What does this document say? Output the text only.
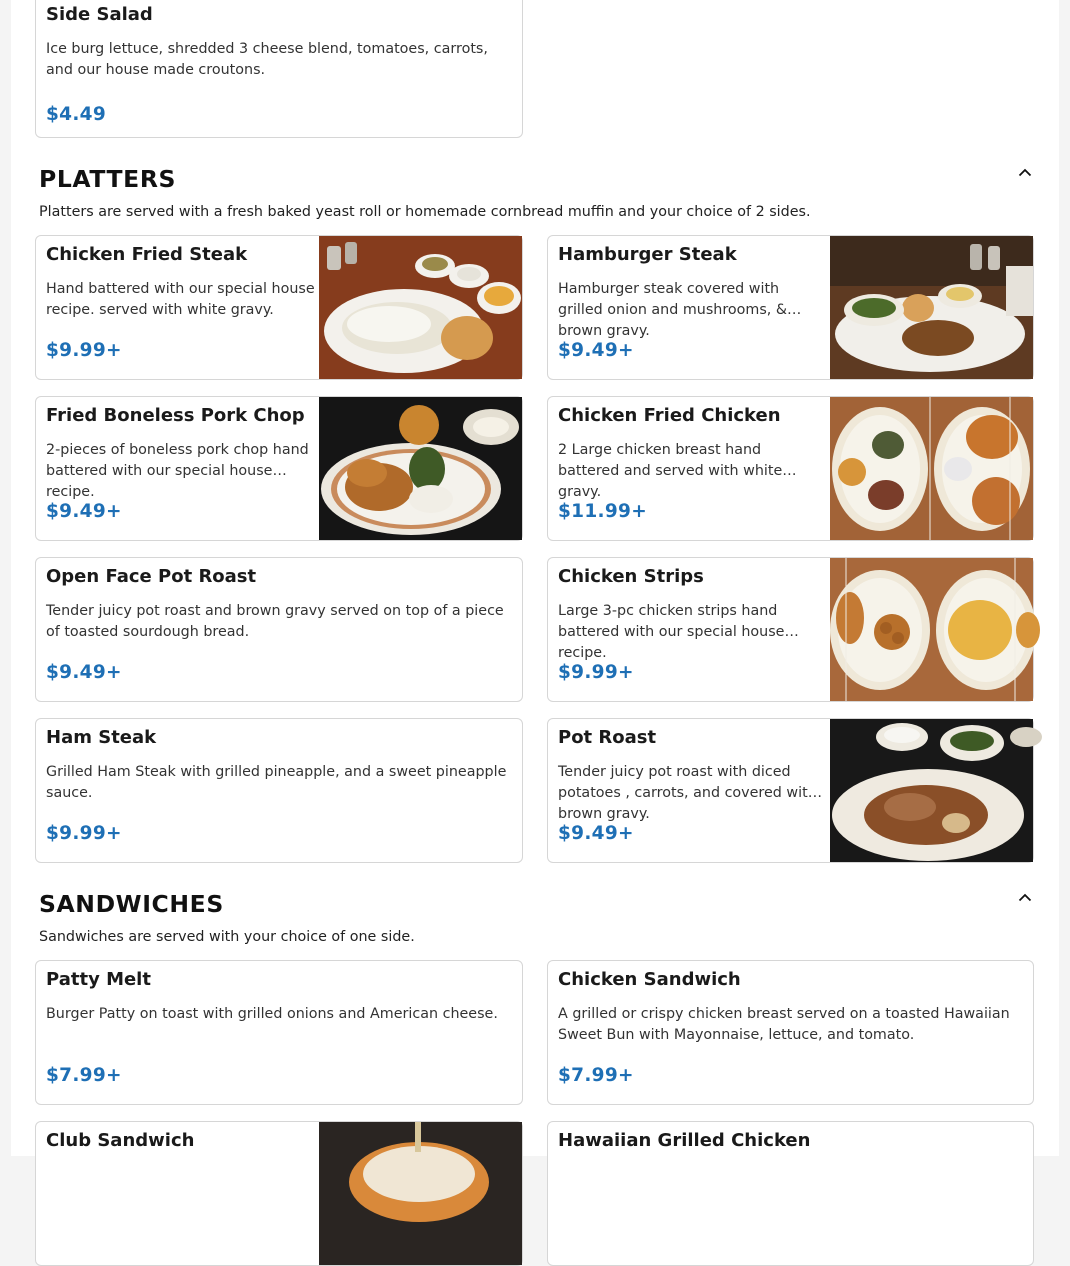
Side Salad
Ice burg lettuce, shredded 3 cheese blend, tomatoes, carrots, and our house made croutons.
$4.49
PLATTERS
Platters are served with a fresh baked yeast roll or homemade cornbread muffin and your choice of 2 sides.
Chicken Fried Steak
Hand battered with our special house recipe. served with white gravy.
$9.99+
Hamburger Steak
Hamburger steak covered with grilled onion and mushrooms, & brown gravy.
$9.49+
Fried Boneless Pork Chop
2-pieces of boneless pork chop hand battered with our special house recipe.
$9.49+
Chicken Fried Chicken
2 Large chicken breast hand battered and served with white gravy.
$11.99+
Open Face Pot Roast
Tender juicy pot roast and brown gravy served on top of a piece of toasted sourdough bread.
$9.49+
Chicken Strips
Large 3-pc chicken strips hand battered with our special house recipe.
$9.99+
Ham Steak
Grilled Ham Steak with grilled pineapple, and a sweet pineapple sauce.
$9.99+
Pot Roast
Tender juicy pot roast with diced potatoes , carrots, and covered with brown gravy.
$9.49+
SANDWICHES
Sandwiches are served with your choice of one side.
Patty Melt
Burger Patty on toast with grilled onions and American cheese.
$7.99+
Chicken Sandwich
A grilled or crispy chicken breast served on a toasted Hawaiian Sweet Bun with Mayonnaise, lettuce, and tomato.
$7.99+
Club Sandwich	Hawaiian Grilled Chicken
